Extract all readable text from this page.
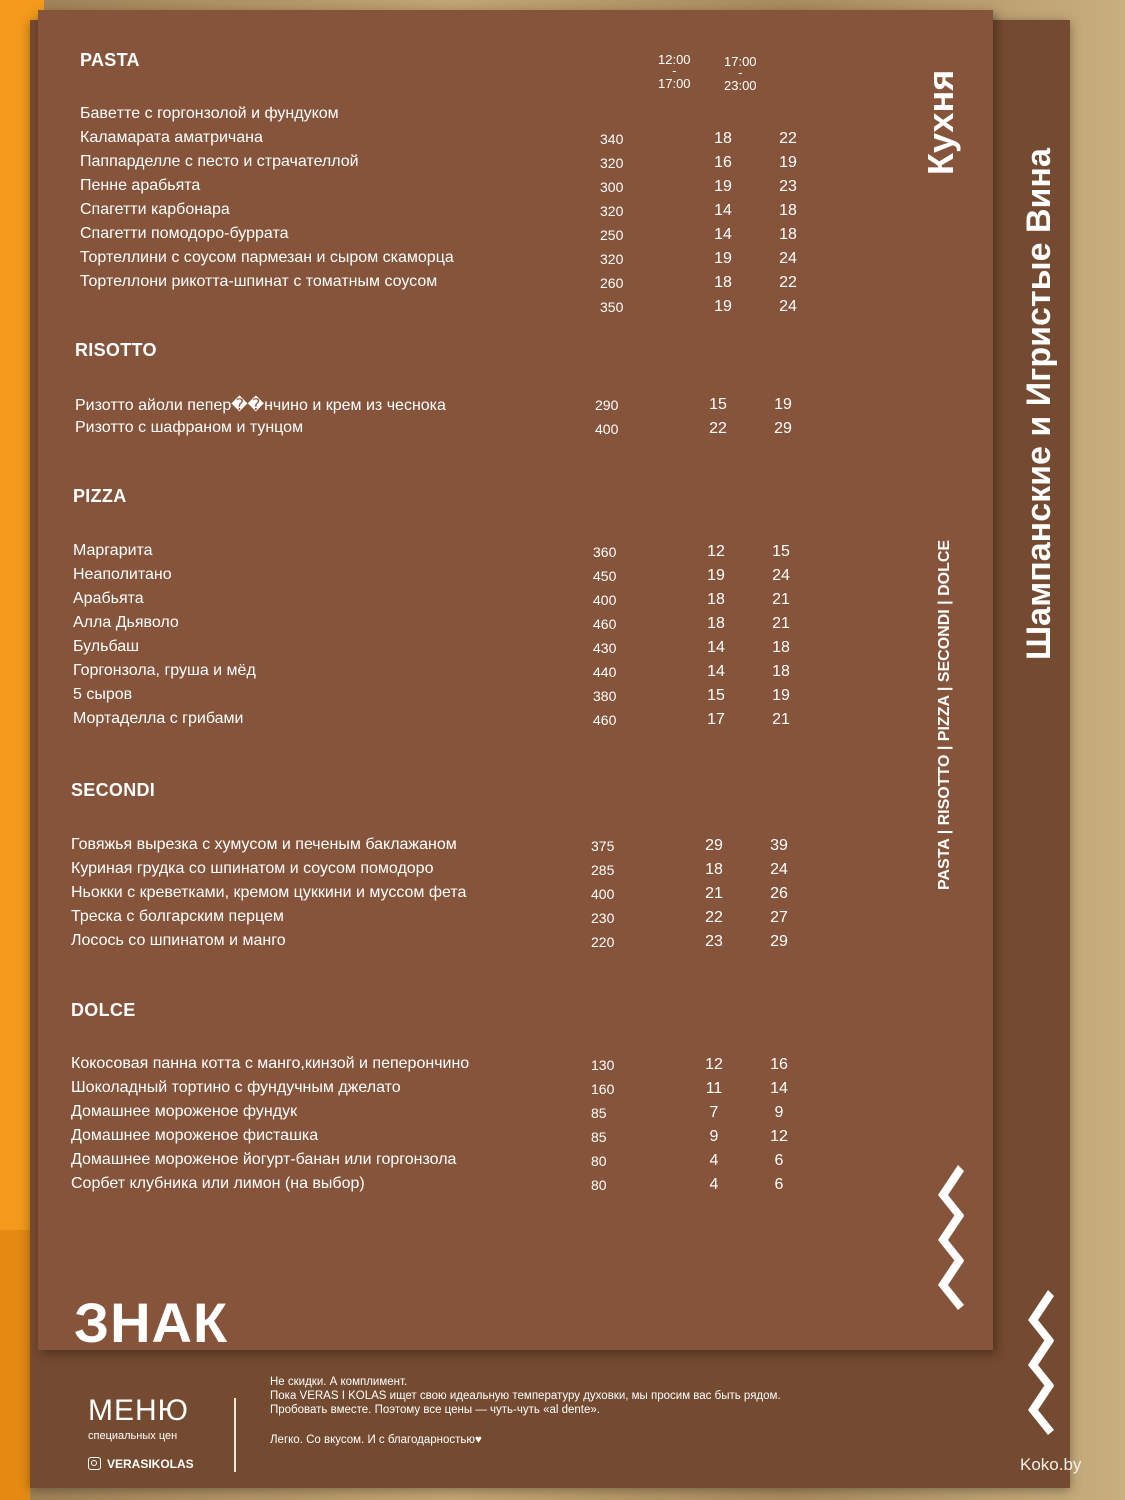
Шампанские и Игристые Вина
МЕНЮ
специальных цен
VERASIKOLAS
Не скидки. А комплимент.
Пока VERAS I KOLAS ищет свою идеальную температуру духовки, мы просим вас быть рядом.
Пробовать вместе. Поэтому все цены — чуть-чуть «al dente».
Легко. Со вкусом. И с благодарностью♥
12:00
-
17:00
17:00
-
23:00
PASTA
Бавeтте с горгонзолой и фундуком
Каламарата аматричана	340	18	22
Паппарделле с песто и страчателлой	320	16	19
Пенне арабьята	300	19	23
Спагетти карбонара	320	14	18
Спагетти помодоро-буррата	250	14	18
Тортеллини с соусом пармезан и сыром скаморца	320	19	24
Тортеллони рикотта-шпинат с томатным соусом	260	18	22
350	19	24
RISOTTO
Ризотто айоли пепер��нчино и крем из чеснока	290	15	19
Ризотто с шафраном и тунцом	400	22	29
PIZZA
Маргарита	360	12	15
Неаполитано	450	19	24
Арабьята	400	18	21
Алла Дьяволо	460	18	21
Бульбаш	430	14	18
Горгонзола, груша и мёд	440	14	18
5 сыров	380	15	19
Мортаделла с грибами	460	17	21
SECONDI
Говяжья вырезка с хумусом и печеным баклажаном	375	29	39
Куриная грудка со шпинатом и соусом помодоро	285	18	24
Ньокки с креветками, кремом цуккини и муссом фета	400	21	26
Треска с болгарским перцем	230	22	27
Лосось со шпинатом и манго	220	23	29
DOLCE
Кокосовая панна котта с манго,кинзой и пеперончино	130	12	16
Шоколадный тортино с фундучным джелато	160	11	14
Домашнее мороженое фундук	85	7	9
Домашнее мороженое фисташка	85	9	12
Домашнее мороженое йогурт-банан или горгонзола	80	4	6
Сорбет клубника или лимон (на выбор)	80	4	6
Кухня
PASTA | RISOTTO | PIZZA | SECONDI | DOLCE
ЗНАК
Koko.by
